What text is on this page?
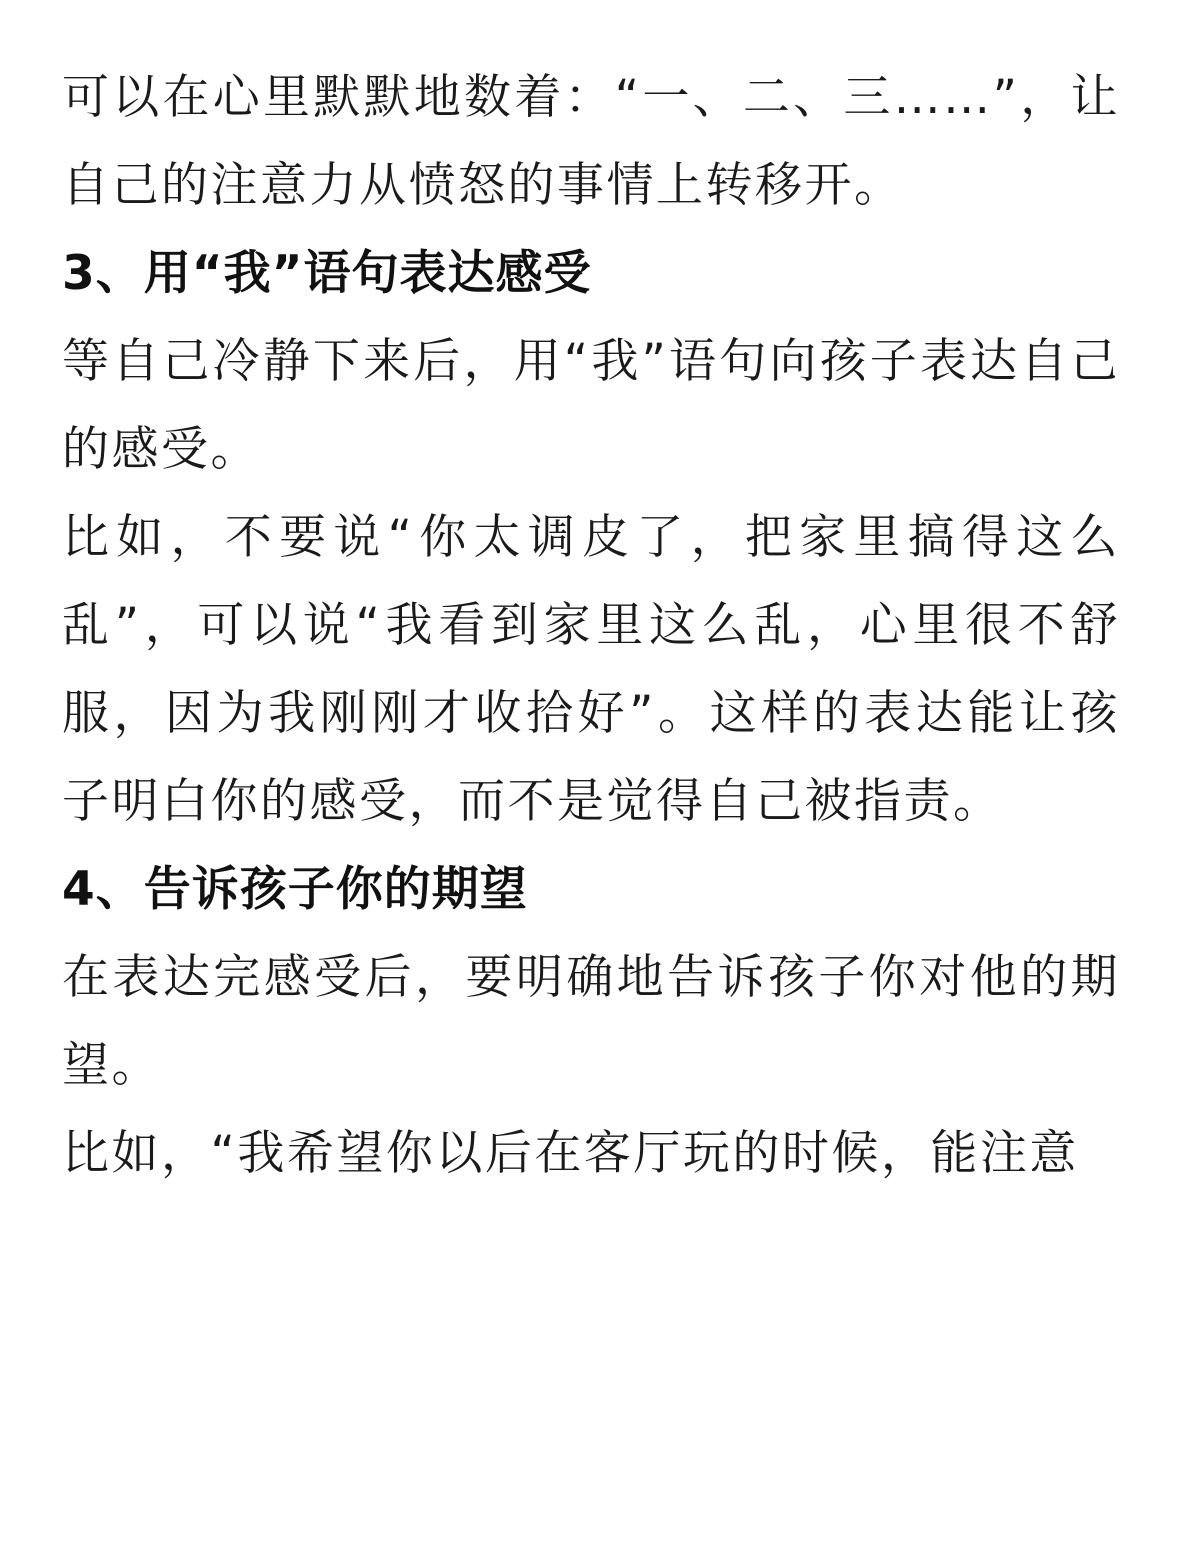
可以在心里默默地数着：“一、二、三……”，让自己的注意力从愤怒的事情上转移开。

3、用“我”语句表达感受

等自己冷静下来后，用“我”语句向孩子表达自己的感受。

比如，不要说“你太调皮了，把家里搞得这么乱”，可以说“我看到家里这么乱，心里很不舒服，因为我刚刚才收拾好”。这样的表达能让孩子明白你的感受，而不是觉得自己被指责。

4、告诉孩子你的期望

在表达完感受后，要明确地告诉孩子你对他的期望。

比如，“我希望你以后在客厅玩的时候，能注意
